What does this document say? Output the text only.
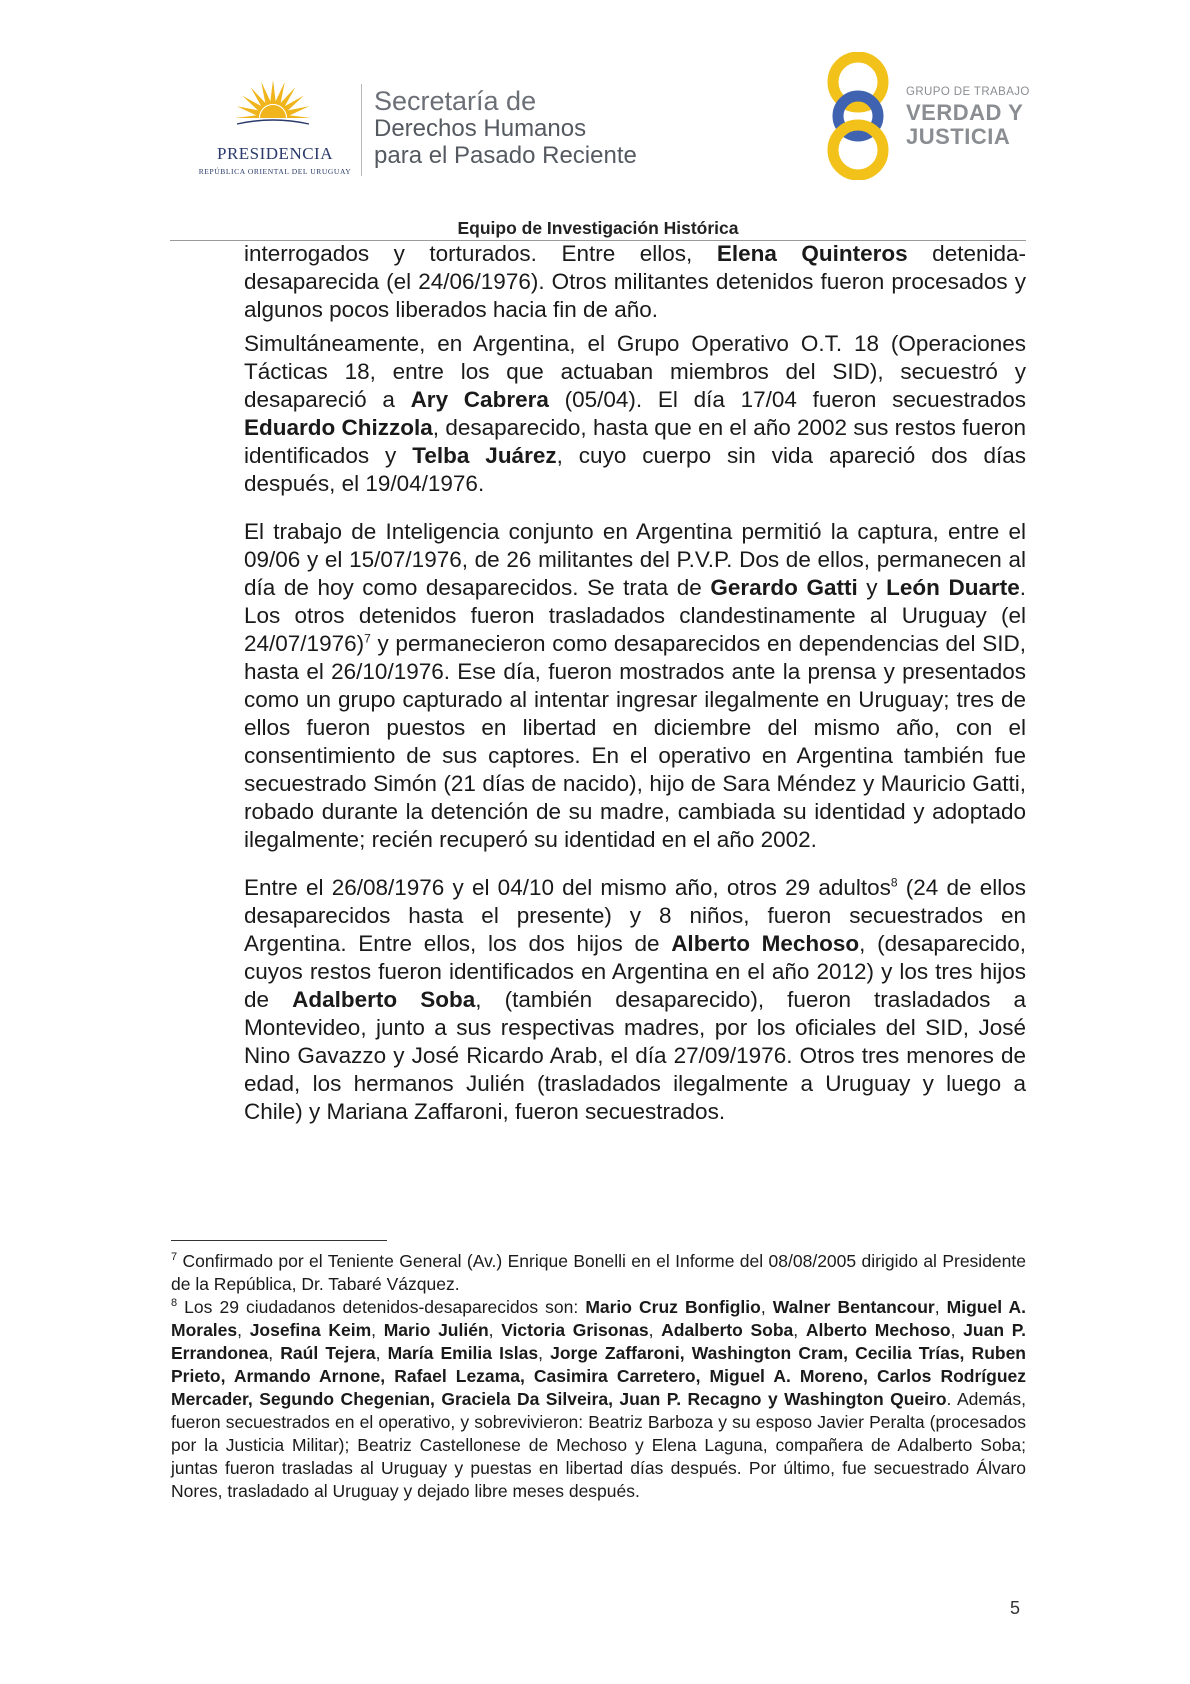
PRESIDENCIA
REPÚBLICA ORIENTAL DEL URUGUAY
Secretaría de
Derechos Humanos
para el Pasado Reciente
GRUPO DE TRABAJO
VERDAD Y
JUSTICIA
Equipo de Investigación Histórica

interrogados y torturados. Entre ellos, Elena Quinteros detenida-desaparecida (el 24/06/1976). Otros militantes detenidos fueron procesados y algunos pocos liberados hacia fin de año.

Simultáneamente, en Argentina, el Grupo Operativo O.T. 18 (Operaciones Tácticas 18, entre los que actuaban miembros del SID), secuestró y desapareció a Ary Cabrera (05/04). El día 17/04 fueron secuestrados Eduardo Chizzola, desaparecido, hasta que en el año 2002 sus restos fueron identificados y Telba Juárez, cuyo cuerpo sin vida apareció dos días después, el 19/04/1976.

El trabajo de Inteligencia conjunto en Argentina permitió la captura, entre el 09/06 y el 15/07/1976, de 26 militantes del P.V.P. Dos de ellos, permanecen al día de hoy como desaparecidos. Se trata de Gerardo Gatti y León Duarte. Los otros detenidos fueron trasladados clandestinamente al Uruguay (el 24/07/1976)$^7$ y permanecieron como desaparecidos en dependencias del SID, hasta el 26/10/1976. Ese día, fueron mostrados ante la prensa y presentados como un grupo capturado al intentar ingresar ilegalmente en Uruguay; tres de ellos fueron puestos en libertad en diciembre del mismo año, con el consentimiento de sus captores. En el operativo en Argentina también fue secuestrado Simón (21 días de nacido), hijo de Sara Méndez y Mauricio Gatti, robado durante la detención de su madre, cambiada su identidad y adoptado ilegalmente; recién recuperó su identidad en el año 2002.

Entre el 26/08/1976 y el 04/10 del mismo año, otros 29 adultos$^8$ (24 de ellos desaparecidos hasta el presente) y 8 niños, fueron secuestrados en Argentina. Entre ellos, los dos hijos de Alberto Mechoso, (desaparecido, cuyos restos fueron identificados en Argentina en el año 2012) y los tres hijos de Adalberto Soba, (también desaparecido), fueron trasladados a Montevideo, junto a sus respectivas madres, por los oficiales del SID, José Nino Gavazzo y José Ricardo Arab, el día 27/09/1976. Otros tres menores de edad, los hermanos Julién (trasladados ilegalmente a Uruguay y luego a Chile) y Mariana Zaffaroni, fueron secuestrados.

$^7$ Confirmado por el Teniente General (Av.) Enrique Bonelli en el Informe del 08/08/2005 dirigido al Presidente de la República, Dr. Tabaré Vázquez.

$^8$ Los 29 ciudadanos detenidos-desaparecidos son: Mario Cruz Bonfiglio, Walner Bentancour, Miguel A. Morales, Josefina Keim, Mario Julién, Victoria Grisonas, Adalberto Soba, Alberto Mechoso, Juan P. Errandonea, Raúl Tejera, María Emilia Islas, Jorge Zaffaroni, Washington Cram, Cecilia Trías, Ruben Prieto, Armando Arnone, Rafael Lezama, Casimira Carretero, Miguel A. Moreno, Carlos Rodríguez Mercader, Segundo Chegenian, Graciela Da Silveira, Juan P. Recagno y Washington Queiro. Además, fueron secuestrados en el operativo, y sobrevivieron: Beatriz Barboza y su esposo Javier Peralta (procesados por la Justicia Militar); Beatriz Castellonese de Mechoso y Elena Laguna, compañera de Adalberto Soba; juntas fueron trasladas al Uruguay y puestas en libertad días después. Por último, fue secuestrado Álvaro Nores, trasladado al Uruguay y dejado libre meses después.

5
